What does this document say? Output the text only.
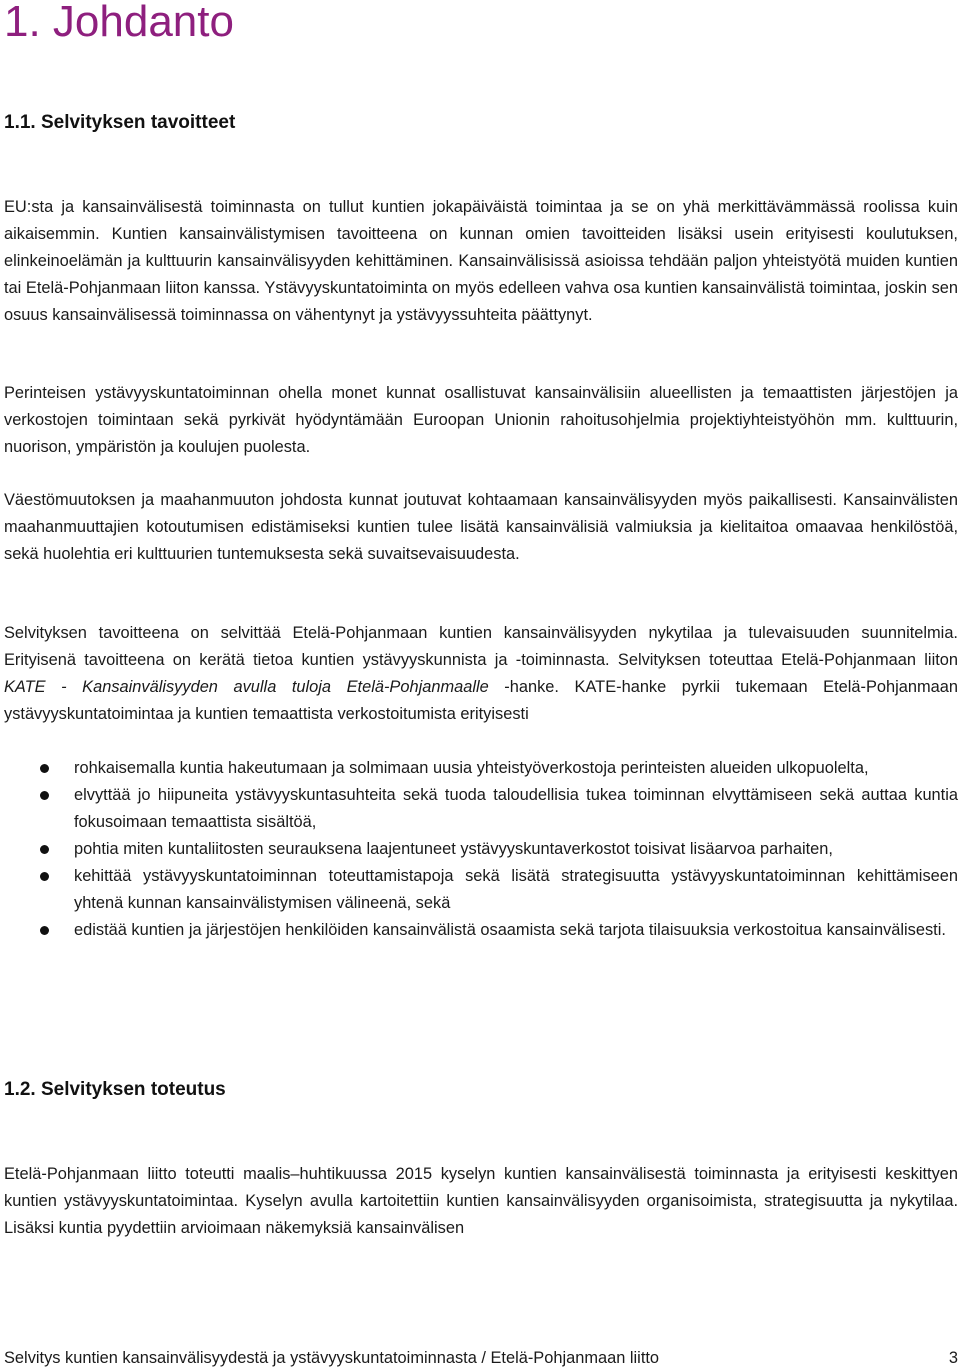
1. Johdanto
1.1. Selvityksen tavoitteet

EU:sta ja kansainvälisestä toiminnasta on tullut kuntien jokapäiväistä toimintaa ja se on yhä merkittävämmässä roolissa kuin aikaisemmin. Kuntien kansainvälistymisen tavoitteena on kunnan omien tavoitteiden lisäksi usein erityisesti koulutuksen, elinkeinoelämän ja kulttuurin kansainvälisyyden kehittäminen. Kansainvälisissä asioissa tehdään paljon yhteistyötä muiden kuntien tai Etelä-Pohjanmaan liiton kanssa. Ystävyyskuntatoiminta on myös edelleen vahva osa kuntien kansainvälistä toimintaa, joskin sen osuus kansainvälisessä toiminnassa on vähentynyt ja ystävyyssuhteita päättynyt.

Perinteisen ystävyyskuntatoiminnan ohella monet kunnat osallistuvat kansainvälisiin alueellisten ja temaattisten järjestöjen ja verkostojen toimintaan sekä pyrkivät hyödyntämään Euroopan Unionin rahoitusohjelmia projektiyhteistyöhön mm. kulttuurin, nuorison, ympäristön ja koulujen puolesta.

Väestömuutoksen ja maahanmuuton johdosta kunnat joutuvat kohtaamaan kansainvälisyyden myös paikallisesti. Kansainvälisten maahanmuuttajien kotoutumisen edistämiseksi kuntien tulee lisätä kansainvälisiä valmiuksia ja kielitaitoa omaavaa henkilöstöä, sekä huolehtia eri kulttuurien tuntemuksesta sekä suvaitsevaisuudesta.

Selvityksen tavoitteena on selvittää Etelä-Pohjanmaan kuntien kansainvälisyyden nykytilaa ja tulevaisuuden suunnitelmia. Erityisenä tavoitteena on kerätä tietoa kuntien ystävyyskunnista ja -toiminnasta. Selvityksen toteuttaa Etelä-Pohjanmaan liiton KATE - Kansainvälisyyden avulla tuloja Etelä-Pohjanmaalle -hanke. KATE-hanke pyrkii tukemaan Etelä-Pohjanmaan ystävyyskuntatoimintaa ja kuntien temaattista verkostoitumista erityisesti

rohkaisemalla kuntia hakeutumaan ja solmimaan uusia yhteistyöverkostoja perinteisten alueiden ulkopuolelta,
elvyttää jo hiipuneita ystävyyskuntasuhteita sekä tuoda taloudellisia tukea toiminnan elvyttämiseen sekä auttaa kuntia fokusoimaan temaattista sisältöä,
pohtia miten kuntaliitosten seurauksena laajentuneet ystävyyskuntaverkostot toisivat lisäarvoa parhaiten,
kehittää ystävyyskuntatoiminnan toteuttamistapoja sekä lisätä strategisuutta ystävyyskuntatoiminnan kehittämiseen yhtenä kunnan kansainvälistymisen välineenä, sekä
edistää kuntien ja järjestöjen henkilöiden kansainvälistä osaamista sekä tarjota tilaisuuksia verkostoitua kansainvälisesti.
1.2. Selvityksen toteutus

Etelä-Pohjanmaan liitto toteutti maalis–huhtikuussa 2015 kyselyn kuntien kansainvälisestä toiminnasta ja erityisesti keskittyen kuntien ystävyyskuntatoimintaa. Kyselyn avulla kartoitettiin kuntien kansainvälisyyden organisoimista, strategisuutta ja nykytilaa. Lisäksi kuntia pyydettiin arvioimaan näkemyksiä kansainvälisen

Selvitys kuntien kansainvälisyydestä ja ystävyyskuntatoiminnasta / Etelä-Pohjanmaan liitto	3
